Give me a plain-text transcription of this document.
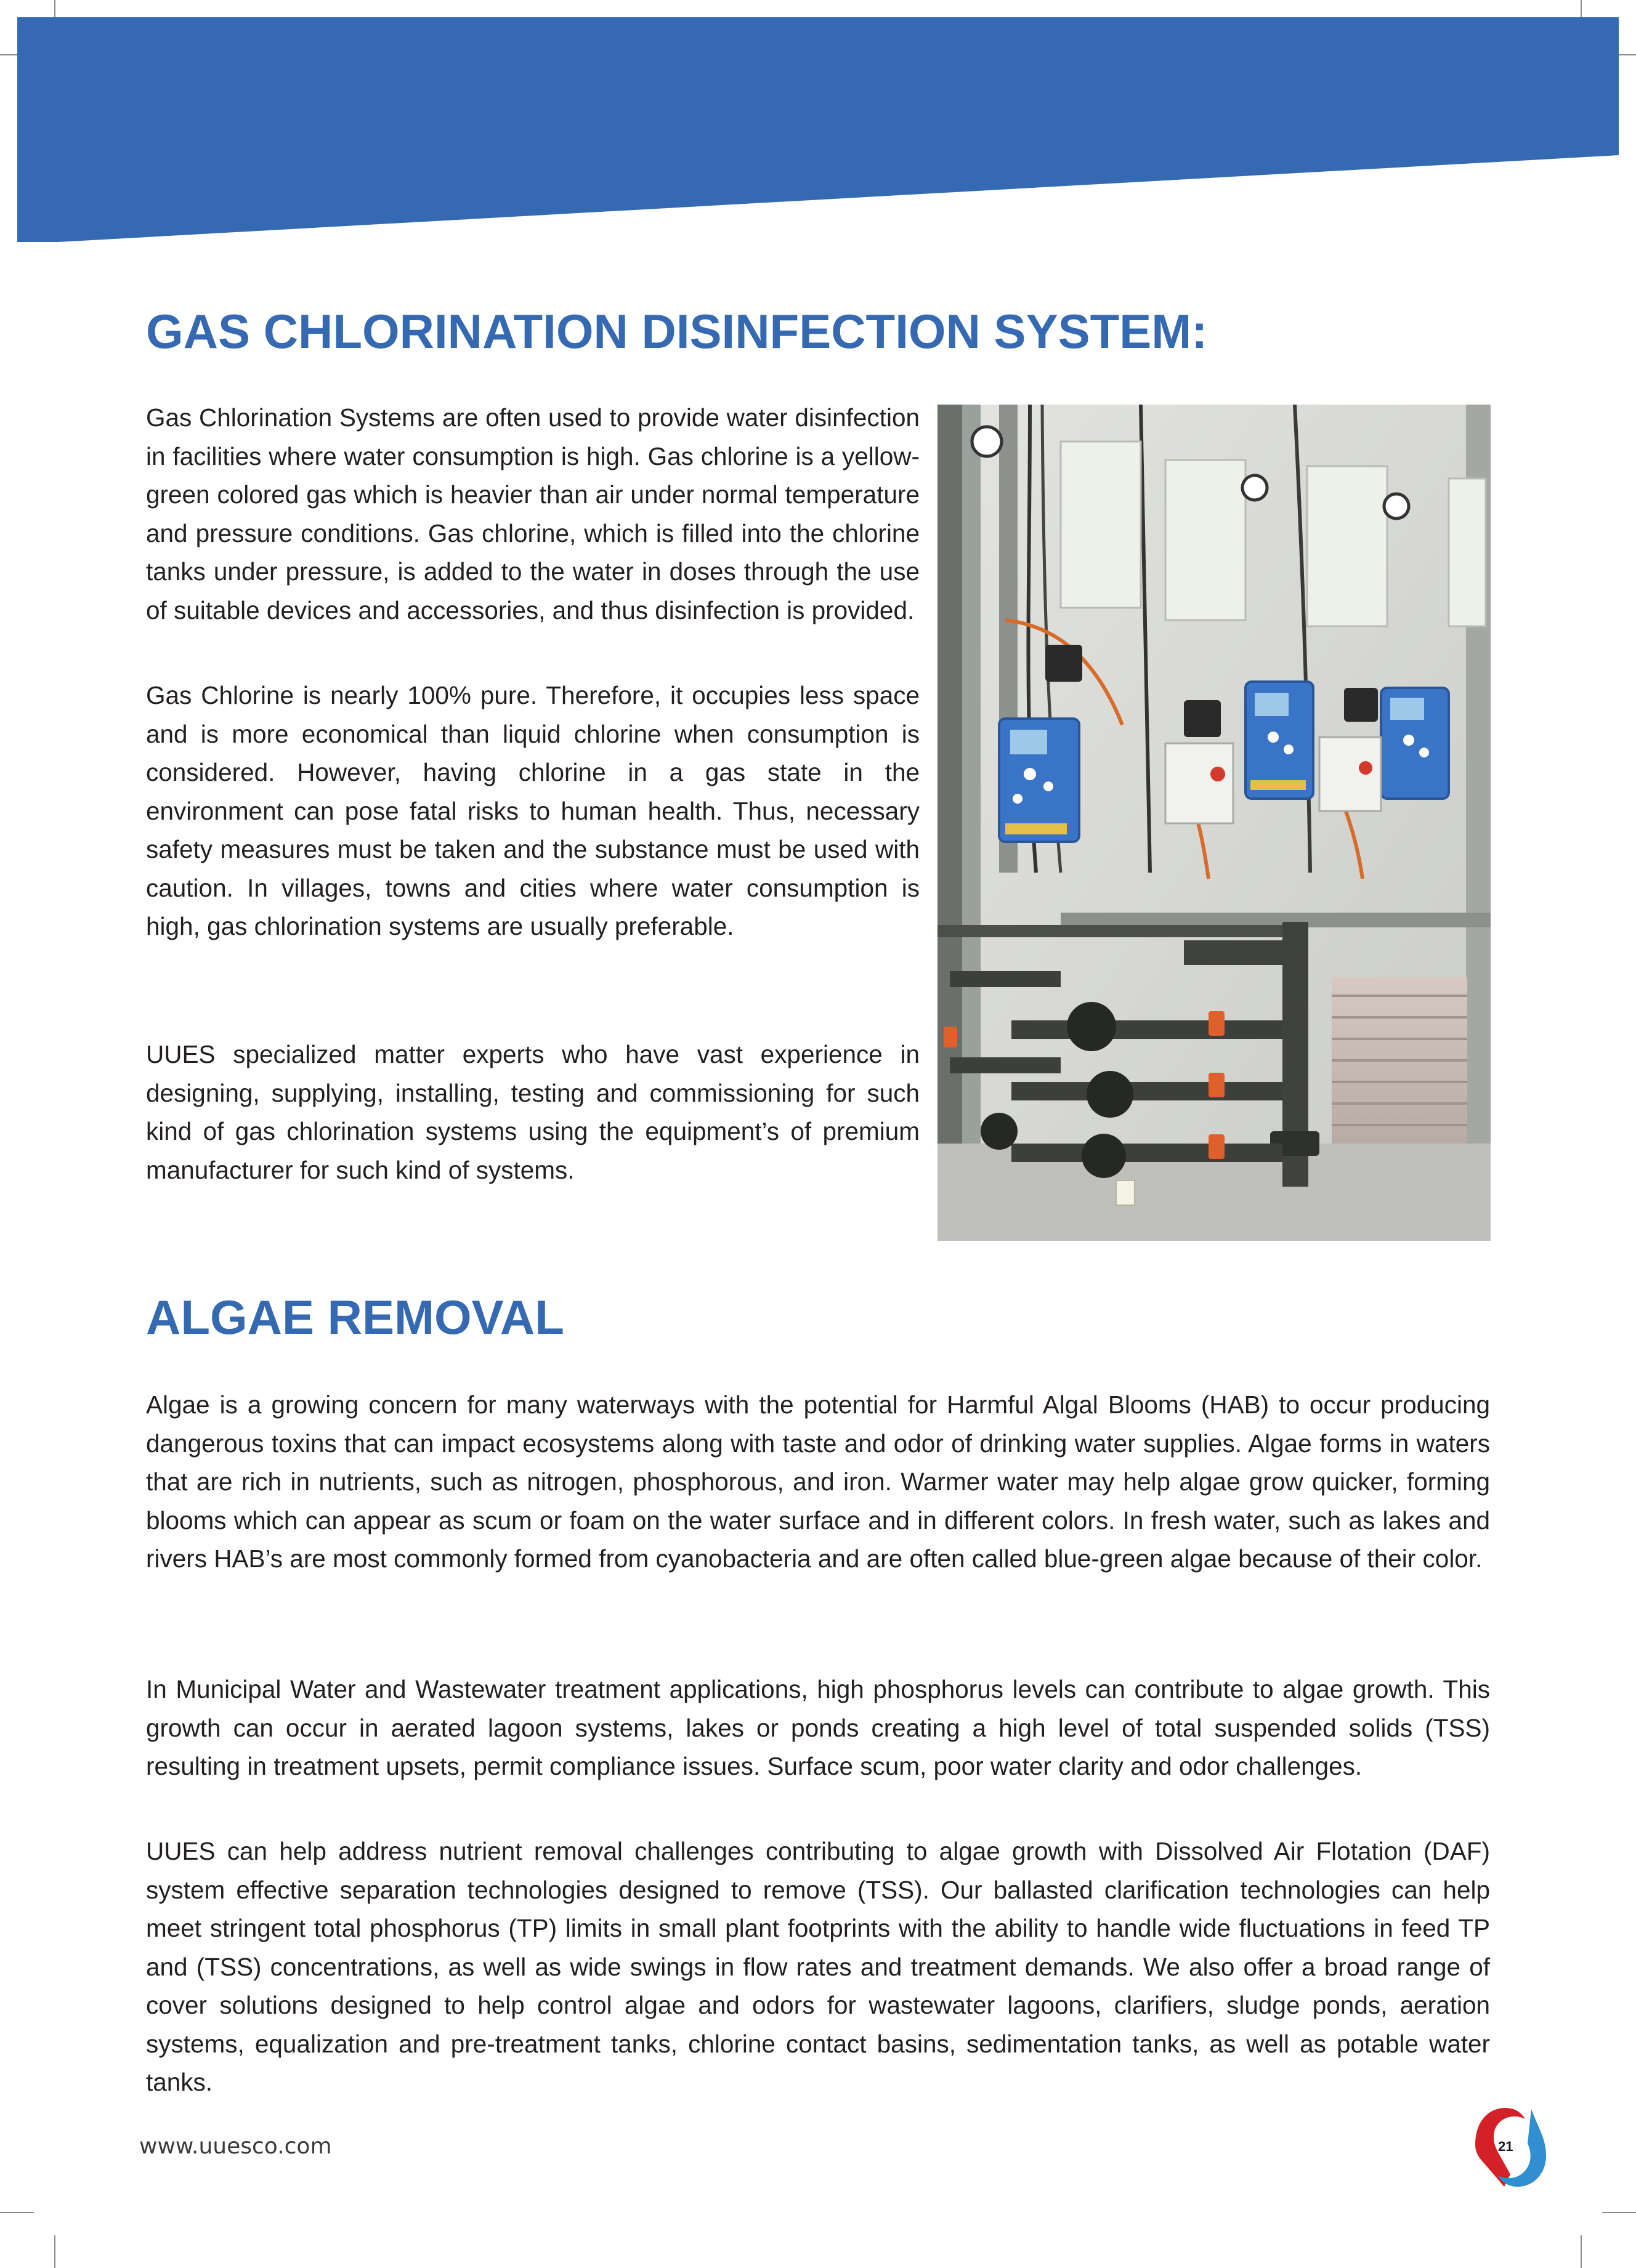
GAS CHLORINATION DISINFECTION SYSTEM:

Gas Chlorination Systems are often used to provide water disinfection in facilities where water consumption is high. Gas chlorine is a yellow-green colored gas which is heavier than air under normal temperature and pressure conditions. Gas chlorine, which is filled into the chlorine tanks under pressure, is added to the water in doses through the use of suitable devices and accessories, and thus disinfection is provided.

Gas Chlorine is nearly 100% pure. Therefore, it occupies less space and is more economical than liquid chlorine when consumption is considered. However, having chlorine in a gas state in the environment can pose fatal risks to human health. Thus, necessary safety measures must be taken and the substance must be used with caution. In villages, towns and cities where water consumption is high, gas chlorination systems are usually preferable.

UUES specialized matter experts who have vast experience in designing, supplying, installing, testing and commissioning for such kind of gas chlorination systems using the equipment’s of premium manufacturer for such kind of systems.

ALGAE REMOVAL

Algae is a growing concern for many waterways with the potential for Harmful Algal Blooms (HAB) to occur producing dangerous toxins that can impact ecosystems along with taste and odor of drinking water supplies. Algae forms in waters that are rich in nutrients, such as nitrogen, phosphorous, and iron. Warmer water may help algae grow quicker, forming blooms which can appear as scum or foam on the water surface and in different colors. In fresh water, such as lakes and rivers HAB’s are most commonly formed from cyanobacteria and are often called blue-green algae because of their color.

In Municipal Water and Wastewater treatment applications, high phosphorus levels can contribute to algae growth. This growth can occur in aerated lagoon systems, lakes or ponds creating a high level of total suspended solids (TSS) resulting in treatment upsets, permit compliance issues. Surface scum, poor water clarity and odor challenges.

UUES can help address nutrient removal challenges contributing to algae growth with Dissolved Air Flotation (DAF) system effective separation technologies designed to remove (TSS). Our ballasted clarification technologies can help meet stringent total phosphorus (TP) limits in small plant footprints with the ability to handle wide fluctuations in feed TP and (TSS) concentrations, as well as wide swings in flow rates and treatment demands. We also offer a broad range of cover solutions designed to help control algae and odors for wastewater lagoons, clarifiers, sludge ponds, aeration systems, equalization and pre-treatment tanks, chlorine contact basins, sedimentation tanks, as well as potable water tanks.

www.uuesco.com	21
